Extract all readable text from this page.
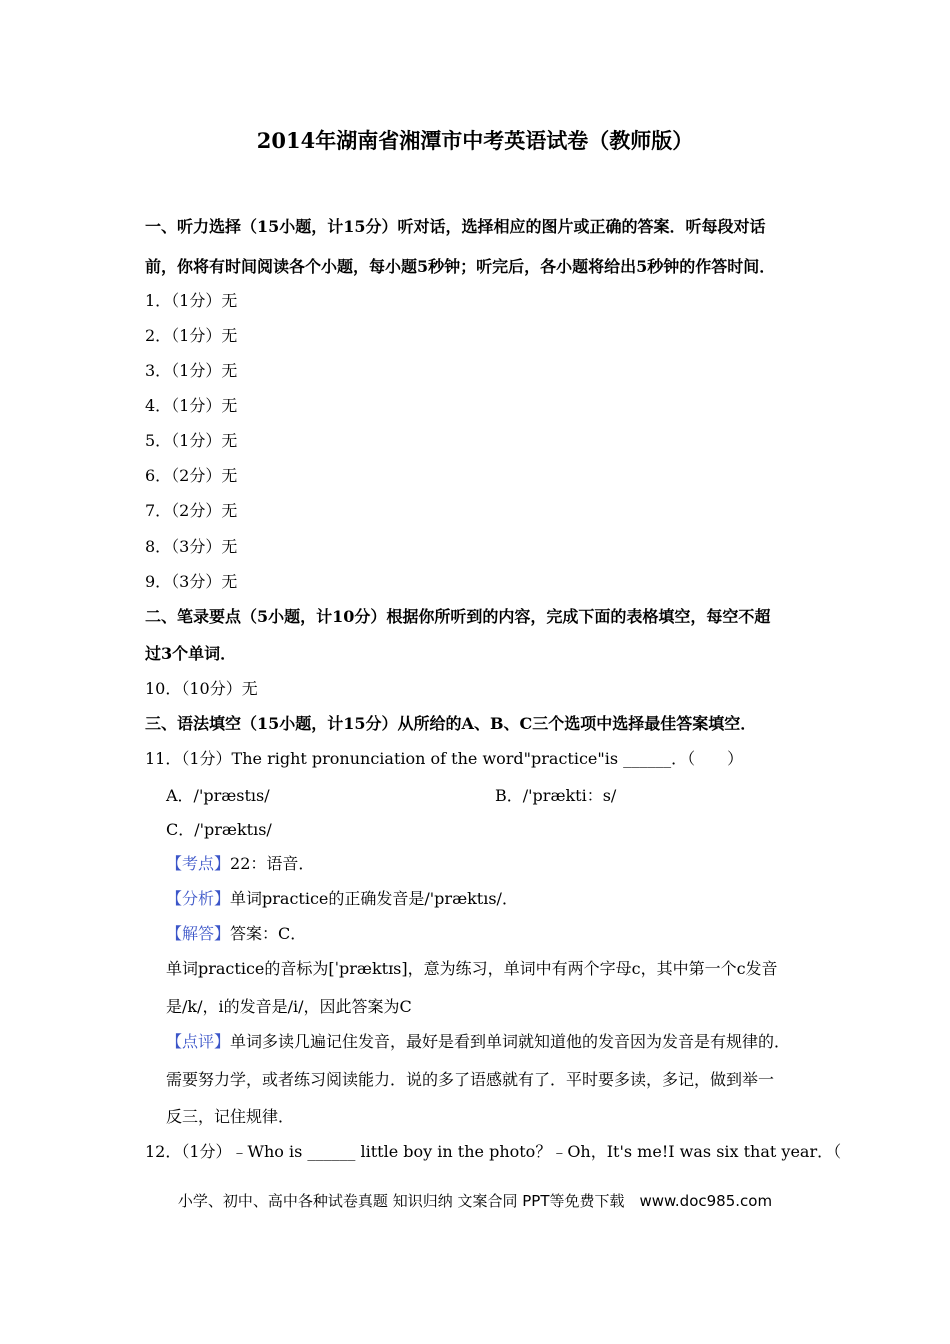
2014年湖南省湘潭市中考英语试卷（教师版）
一、听力选择（15小题，计15分）听对话，选择相应的图片或正确的答案．听每段对话
前，你将有时间阅读各个小题，每小题5秒钟；听完后，各小题将给出5秒钟的作答时间．
1．（1分）无
2．（1分）无
3．（1分）无
4．（1分）无
5．（1分）无
6．（2分）无
7．（2分）无
8．（3分）无
9．（3分）无
二、笔录要点（5小题，计10分）根据你所听到的内容，完成下面的表格填空，每空不超
过3个单词．
10．（10分）无
三、语法填空（15小题，计15分）从所给的A、B、C三个选项中选择最佳答案填空．
11．（1分）The right pronunciation of the word"practice"is ______．（　　）
A．/'præstıs/	B．/'prækti：s/
C．/'præktıs/
【考点】22：语音．
【分析】单词practice的正确发音是/'præktıs/．
【解答】答案：C．
单词practice的音标为[ˈpræktɪs]，意为练习，单词中有两个字母c，其中第一个c发音
是/k/，i的发音是/i/，因此答案为C
【点评】单词多读几遍记住发音，最好是看到单词就知道他的发音因为发音是有规律的．
需要努力学，或者练习阅读能力．说的多了语感就有了．平时要多读，多记，做到举一
反三，记住规律．
12．（1分）﹣Who is ______ little boy in the photo？﹣Oh，It's me!I was six that year．（
小学、初中、高中各种试卷真题 知识归纳 文案合同 PPT等免费下载　www.doc985.com
